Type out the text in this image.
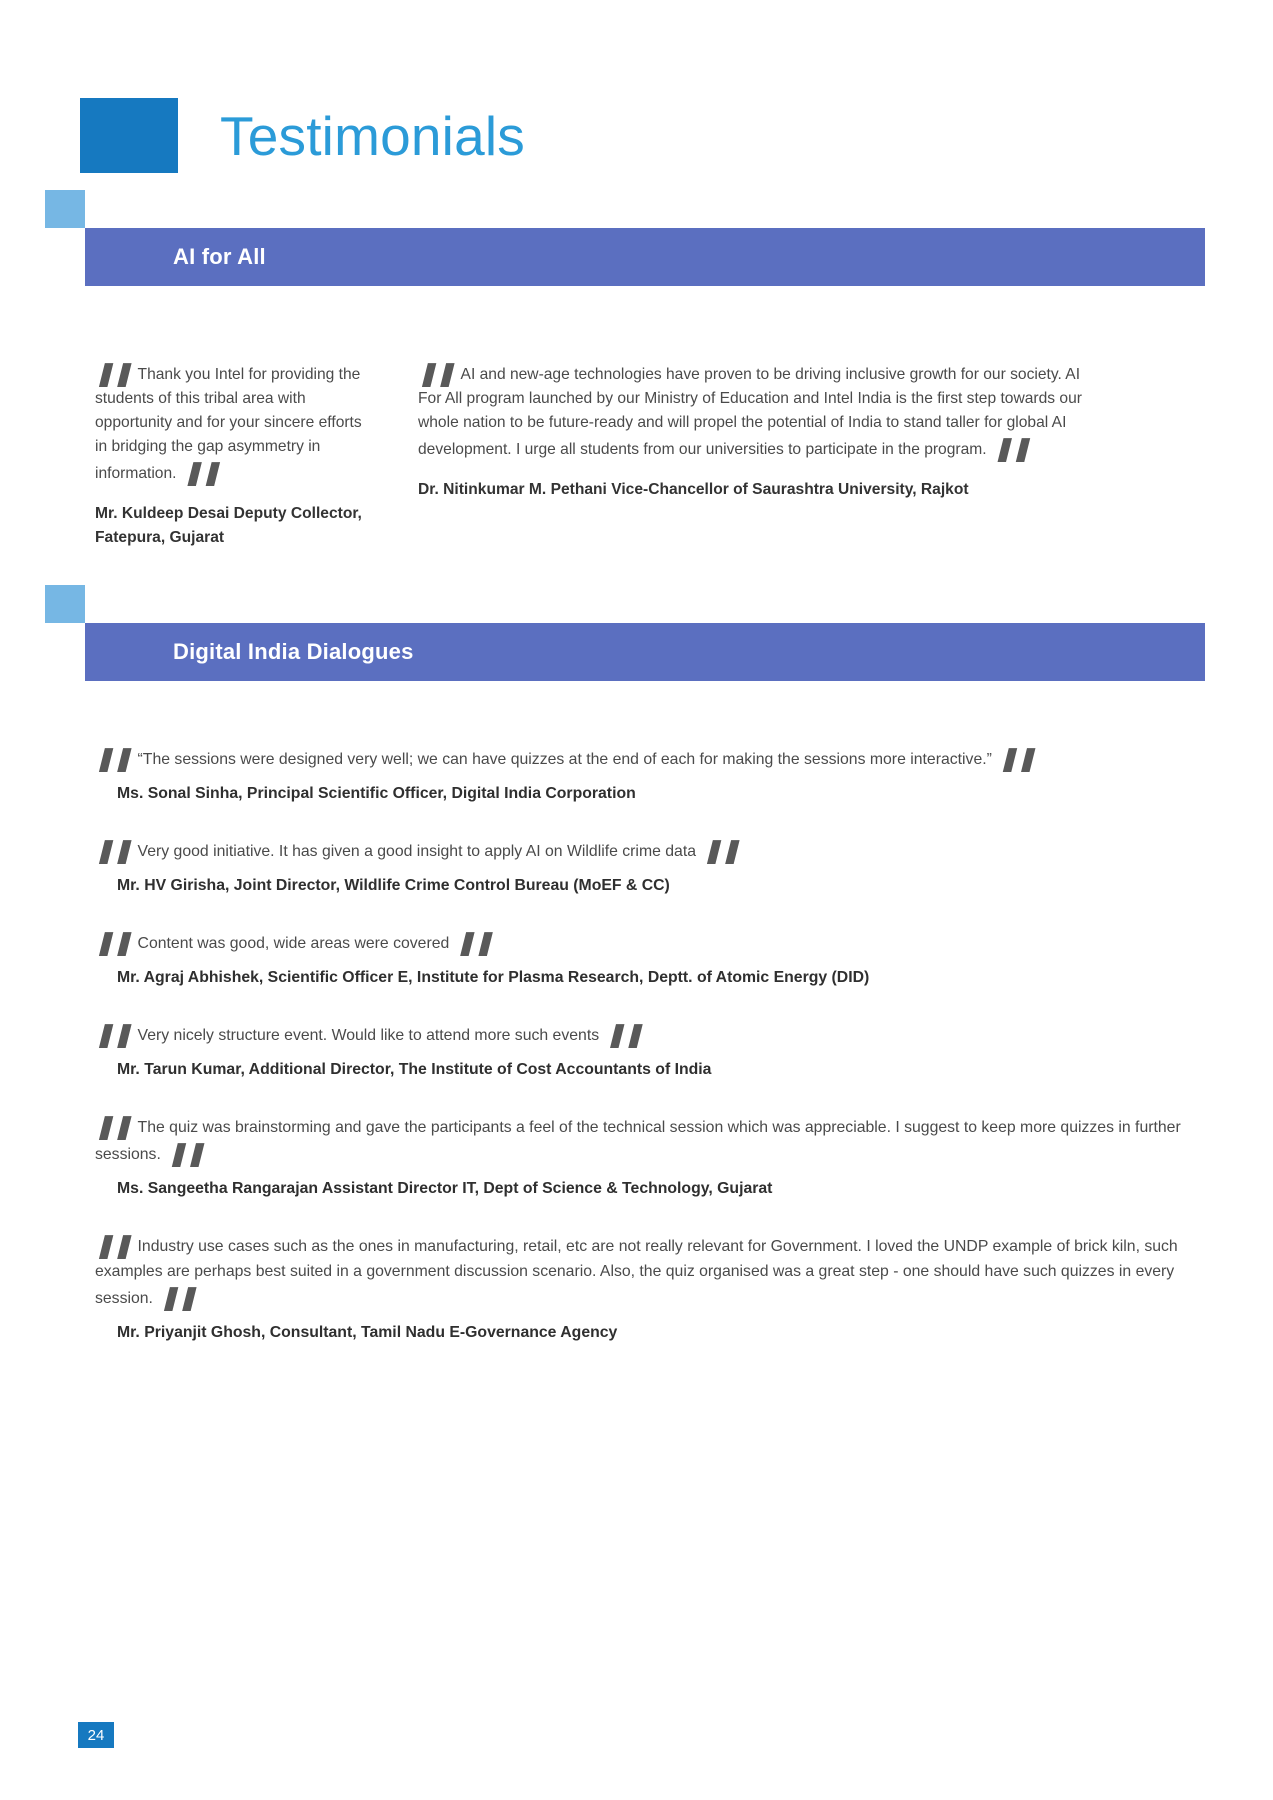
Testimonials
AI for All
❚❚ Thank you Intel for providing the students of this tribal area with opportunity and for your sincere efforts in bridging the gap asymmetry in information. ❚❚
Mr. Kuldeep Desai Deputy Collector, Fatepura, Gujarat
❚❚ AI and new-age technologies have proven to be driving inclusive growth for our society. AI For All program launched by our Ministry of Education and Intel India is the first step towards our whole nation to be future-ready and will propel the potential of India to stand taller for global AI development. I urge all students from our universities to participate in the program. ❚❚
Dr. Nitinkumar M. Pethani Vice-Chancellor of Saurashtra University, Rajkot
Digital India Dialogues
❚❚ “The sessions were designed very well; we can have quizzes at the end of each for making the sessions more interactive.” ❚❚
Ms. Sonal Sinha, Principal Scientific Officer, Digital India Corporation
❚❚ Very good initiative. It has given a good insight to apply AI on Wildlife crime data ❚❚
Mr. HV Girisha, Joint Director, Wildlife Crime Control Bureau (MoEF & CC)
❚❚ Content was good, wide areas were covered ❚❚
Mr. Agraj Abhishek, Scientific Officer E, Institute for Plasma Research, Deptt. of Atomic Energy (DID)
❚❚ Very nicely structure event. Would like to attend more such events ❚❚
Mr. Tarun Kumar, Additional Director, The Institute of Cost Accountants of India
❚❚ The quiz was brainstorming and gave the participants a feel of the technical session which was appreciable. I suggest to keep more quizzes in further sessions. ❚❚
Ms. Sangeetha Rangarajan Assistant Director IT, Dept of Science & Technology, Gujarat
❚❚ Industry use cases such as the ones in manufacturing, retail, etc are not really relevant for Government. I loved the UNDP example of brick kiln, such examples are perhaps best suited in a government discussion scenario. Also, the quiz organised was a great step - one should have such quizzes in every session. ❚❚
Mr. Priyanjit Ghosh, Consultant, Tamil Nadu E-Governance Agency
24
